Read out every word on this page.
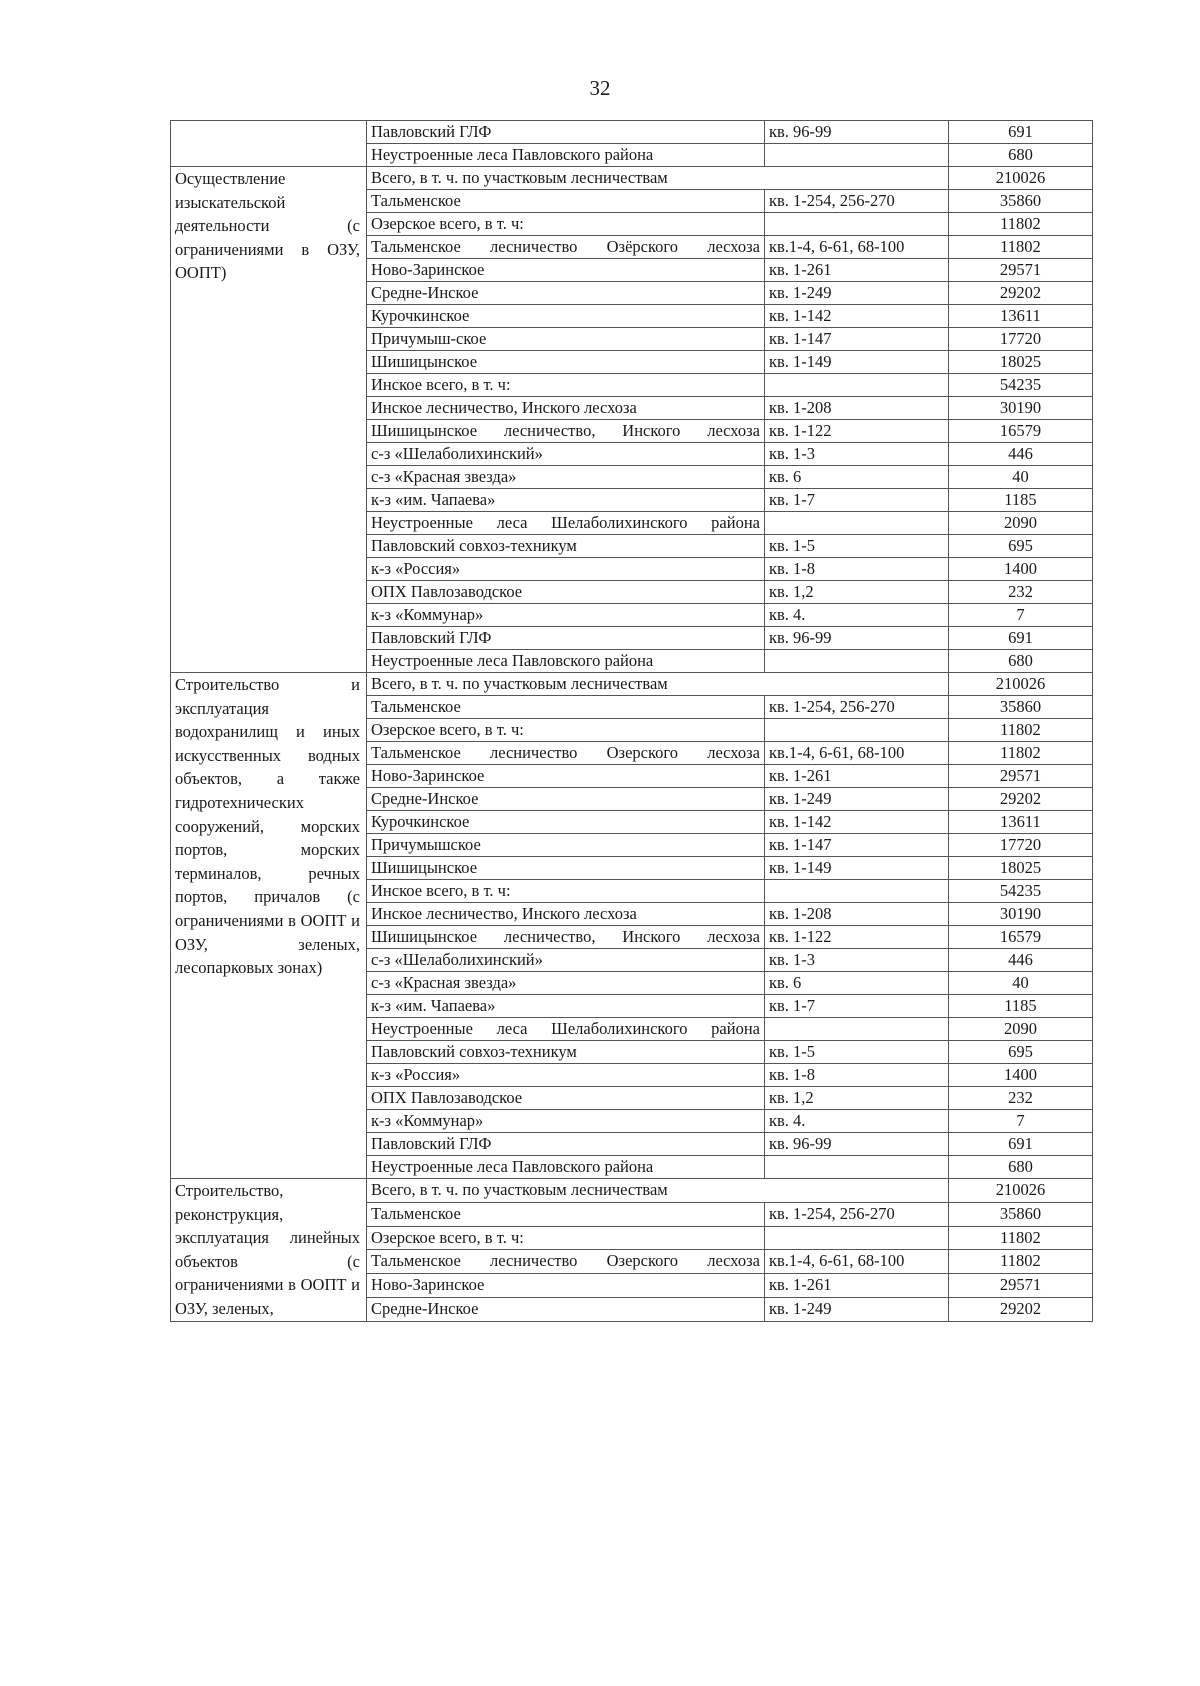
32
	Павловский ГЛФ	кв. 96-99	691
	Неустроенные леса Павловского района		680
Осуществление изыскательской деятельности (с ограничениями в ОЗУ, ООПТ)	Всего, в т. ч. по участковым лесничествам		210026
	Тальменское	кв. 1-254, 256-270	35860
	Озерское всего, в т. ч:		11802
	Тальменское лесничество Озёрского лесхоза	кв.1-4, 6-61, 68-100	11802
	Ново-Заринское	кв. 1-261	29571
	Средне-Инское	кв. 1-249	29202
	Курочкинское	кв. 1-142	13611
	Причумыш-ское	кв. 1-147	17720
	Шишицынское	кв. 1-149	18025
	Инское всего, в т. ч:		54235
	Инское лесничество, Инского лесхоза	кв. 1-208	30190
	Шишицынское лесничество, Инского лесхоза	кв. 1-122	16579
	с-з «Шелаболихинский»	кв. 1-3	446
	с-з «Красная звезда»	кв. 6	40
	к-з «им. Чапаева»	кв. 1-7	1185
	Неустроенные леса Шелаболихинского района		2090
	Павловский совхоз-техникум	кв. 1-5	695
	к-з «Россия»	кв. 1-8	1400
	ОПХ Павлозаводское	кв. 1,2	232
	к-з «Коммунар»	кв. 4.	7
	Павловский ГЛФ	кв. 96-99	691
	Неустроенные леса Павловского района		680
Строительство и эксплуатация водохранилищ и иных искусственных водных объектов, а также гидротехнических сооружений, морских портов, морских терминалов, речных портов, причалов (с ограничениями в ООПТ и ОЗУ, зеленых, лесопарковых зонах)	Всего, в т. ч. по участковым лесничествам		210026
	Тальменское	кв. 1-254, 256-270	35860
	Озерское всего, в т. ч:		11802
	Тальменское лесничество Озерского лесхоза	кв.1-4, 6-61, 68-100	11802
	Ново-Заринское	кв. 1-261	29571
	Средне-Инское	кв. 1-249	29202
	Курочкинское	кв. 1-142	13611
	Причумышское	кв. 1-147	17720
	Шишицынское	кв. 1-149	18025
	Инское всего, в т. ч:		54235
	Инское лесничество, Инского лесхоза	кв. 1-208	30190
	Шишицынское лесничество, Инского лесхоза	кв. 1-122	16579
	с-з «Шелаболихинский»	кв. 1-3	446
	с-з «Красная звезда»	кв. 6	40
	к-з «им. Чапаева»	кв. 1-7	1185
	Неустроенные леса Шелаболихинского района		2090
	Павловский совхоз-техникум	кв. 1-5	695
	к-з «Россия»	кв. 1-8	1400
	ОПХ Павлозаводское	кв. 1,2	232
	к-з «Коммунар»	кв. 4.	7
	Павловский ГЛФ	кв. 96-99	691
	Неустроенные леса Павловского района		680
Строительство, реконструкция, эксплуатация линейных объектов (с ограничениями в ООПТ и ОЗУ, зеленых,	Всего, в т. ч. по участковым лесничествам		210026
	Тальменское	кв. 1-254, 256-270	35860
	Озерское всего, в т. ч:		11802
	Тальменское лесничество Озерского лесхоза	кв.1-4, 6-61, 68-100	11802
	Ново-Заринское	кв. 1-261	29571
	Средне-Инское	кв. 1-249	29202
